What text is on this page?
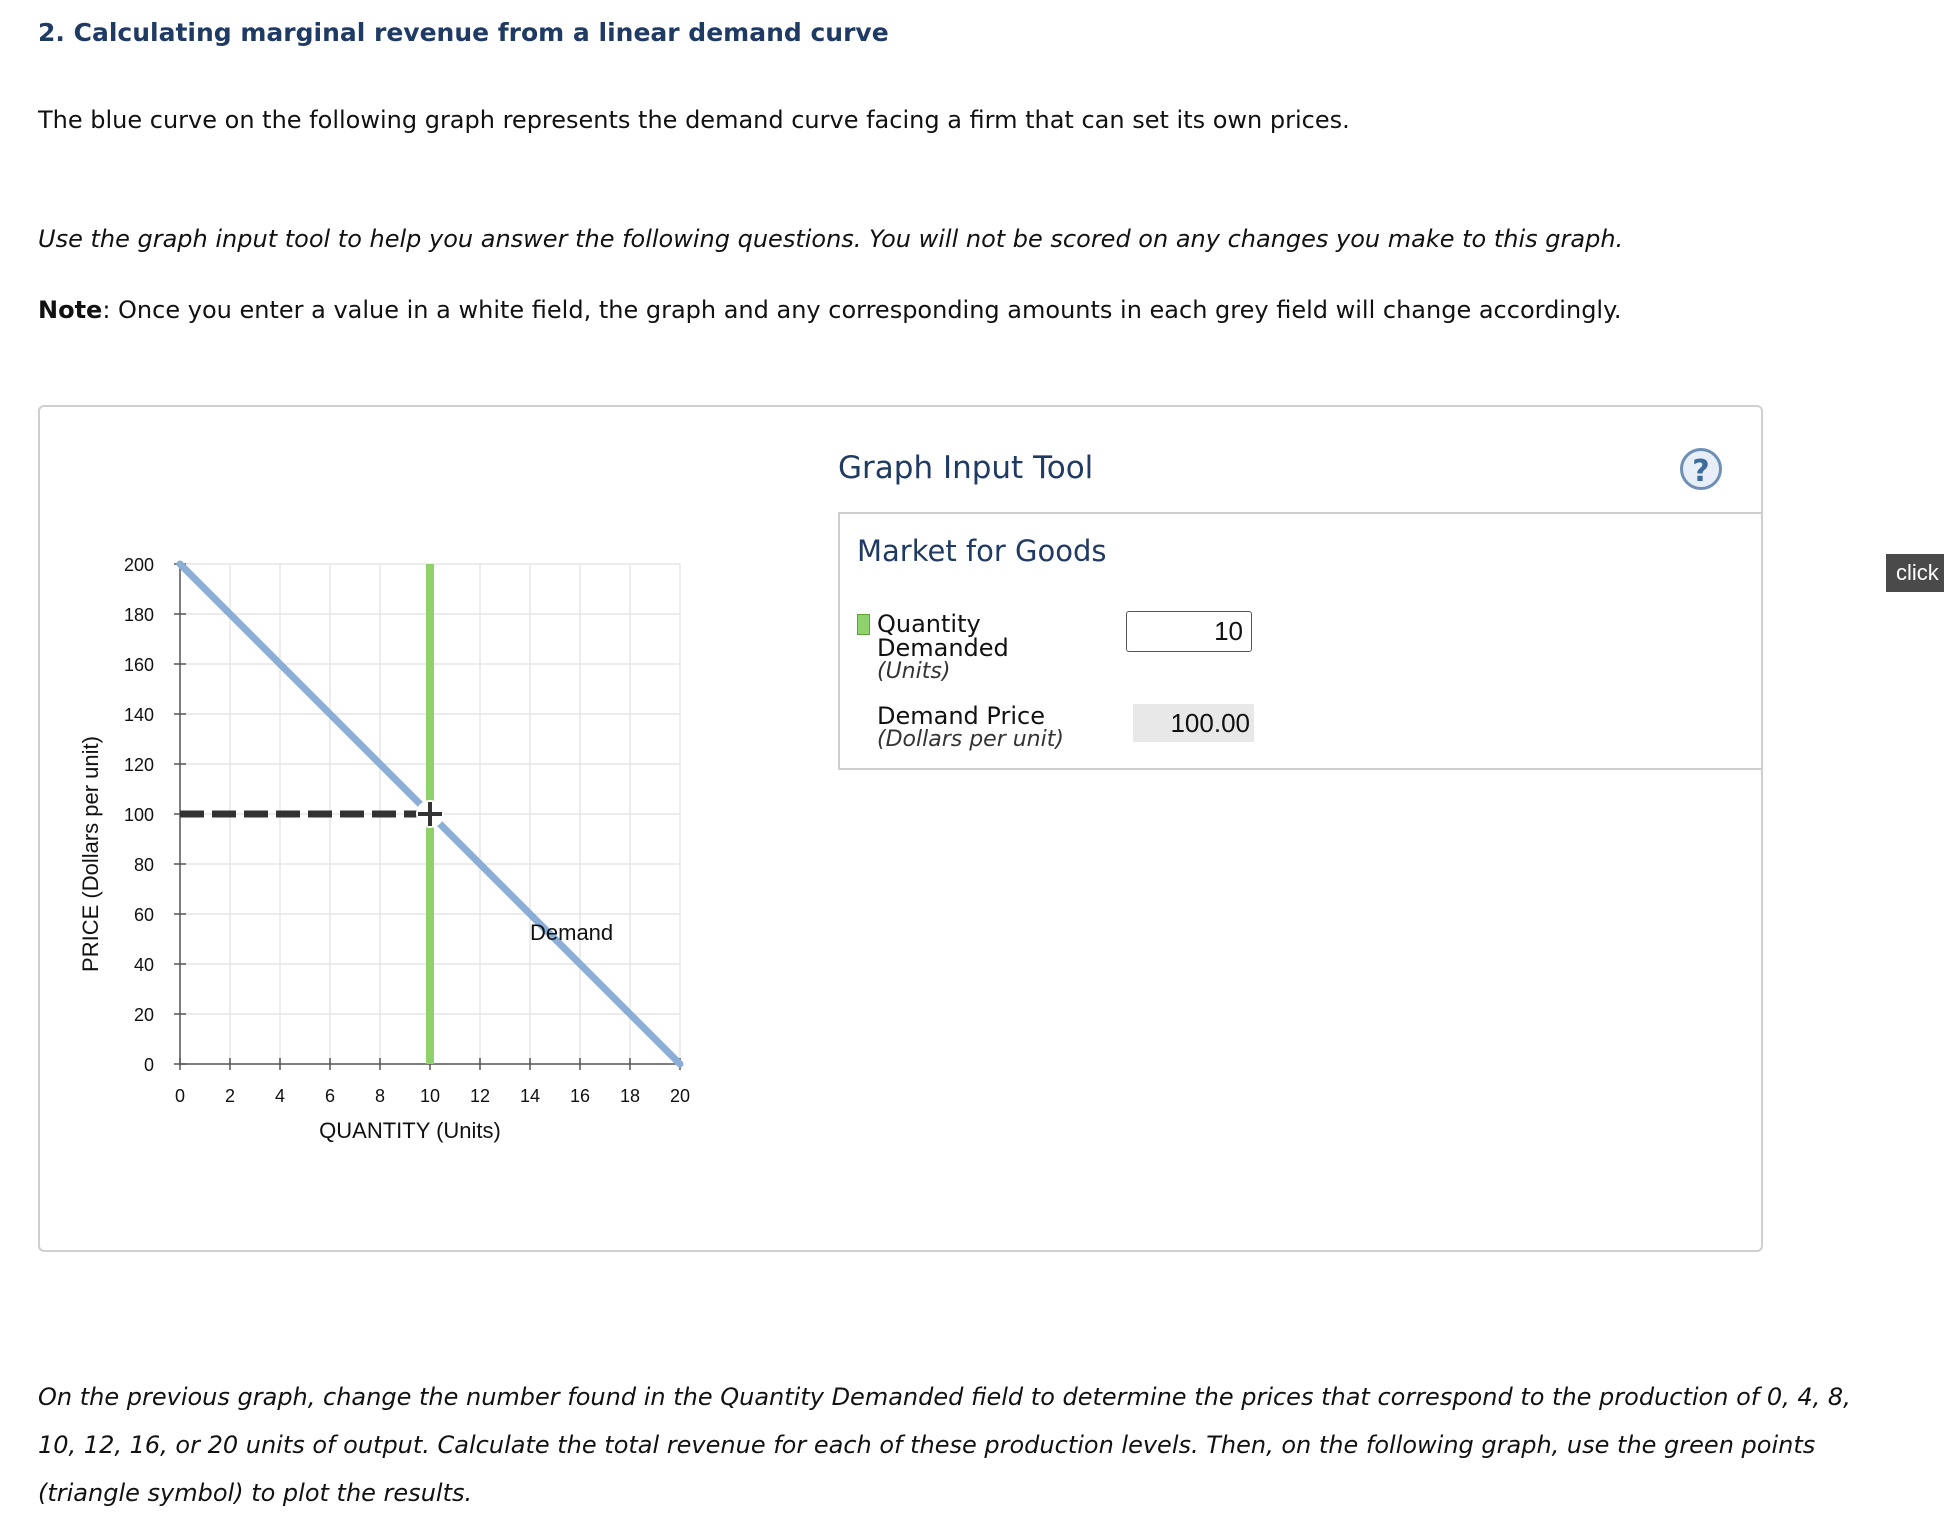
2. Calculating marginal revenue from a linear demand curve
The blue curve on the following graph represents the demand curve facing a firm that can set its own prices.
Use the graph input tool to help you answer the following questions. You will not be scored on any changes you make to this graph.
Note: Once you enter a value in a white field, the graph and any corresponding amounts in each grey field will change accordingly.
0 2 4 6 8 10 12 14 16 18 20
0
20
40
60
80
100
120
140
160
180
200
Demand
QUANTITY (Units)
PRICE (Dollars per unit)
Graph Input Tool	?
Market for Goods
Quantity
Demanded
(Units)
10
Demand Price
(Dollars per unit)
100.00
click
On the previous graph, change the number found in the Quantity Demanded field to determine the prices that correspond to the production of 0, 4, 8,
10, 12, 16, or 20 units of output. Calculate the total revenue for each of these production levels. Then, on the following graph, use the green points
(triangle symbol) to plot the results.
